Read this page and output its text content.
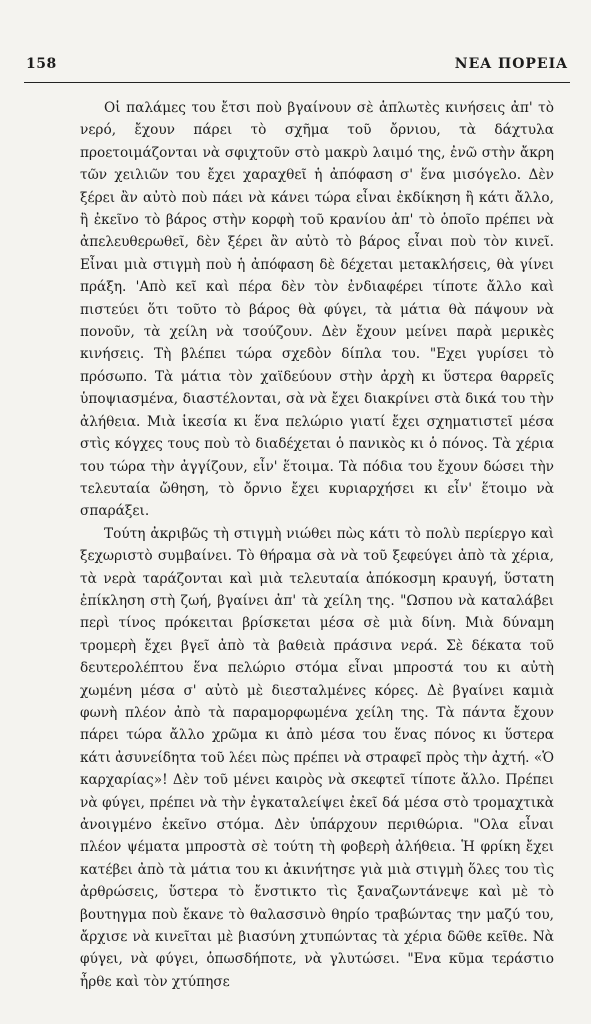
158	ΝΕΑ ΠΟΡΕΙΑ

Οἱ παλάμες του ἔτσι ποὺ βγαίνουν σὲ ἁπλωτὲς κινήσεις ἀπ' τὸ νερό, ἔχουν πάρει τὸ σχῆμα τοῦ ὄρνιου, τὰ δάχτυλα προετοιμάζονται νὰ σφιχτοῦν στὸ μακρὺ λαιμό της, ἐνῶ στὴν ἄκρη τῶν χειλιῶν του ἔχει χαραχθεῖ ἡ ἀπόφαση σ' ἕνα μισόγελο. Δὲν ξέρει ἂν αὐτὸ ποὺ πάει νὰ κάνει τώρα εἶναι ἐκδίκηση ἢ κάτι ἄλλο, ἢ ἐκεῖνο τὸ βάρος στὴν κορφὴ τοῦ κρανίου ἀπ' τὸ ὁποῖο πρέπει νὰ ἀπελευθερωθεῖ, δὲν ξέρει ἂν αὐτὸ τὸ βάρος εἶναι ποὺ τὸν κινεῖ. Εἶναι μιὰ στιγμὴ ποὺ ἡ ἀπόφαση δὲ δέχεται μετακλήσεις, θὰ γίνει πράξη. 'Απὸ κεῖ καὶ πέρα δὲν τὸν ἐνδιαφέρει τίποτε ἄλλο καὶ πιστεύει ὅτι τοῦτο τὸ βάρος θὰ φύγει, τὰ μάτια θὰ πάψουν νὰ πονοῦν, τὰ χείλη νὰ τσούζουν. Δὲν ἔχουν μείνει παρὰ μερικὲς κινήσεις. Τὴ βλέπει τώρα σχεδὸν δίπλα του. "Εχει γυρίσει τὸ πρόσωπο. Τὰ μάτια τὸν χαϊδεύουν στὴν ἀρχὴ κι ὕστερα θαρρεῖς ὑποψιασμένα, διαστέλονται, σὰ νὰ ἔχει διακρίνει στὰ δικά του τὴν ἀλήθεια. Μιὰ ἱκεσία κι ἕνα πελώριο γιατί ἔχει σχηματιστεῖ μέσα στὶς κόγχες τους ποὺ τὸ διαδέχεται ὁ πανικὸς κι ὁ πόνος. Τὰ χέρια του τώρα τὴν ἀγγίζουν, εἶν' ἕτοιμα. Τὰ πόδια του ἔχουν δώσει τὴν τελευταία ὤθηση, τὸ ὄρνιο ἔχει κυριαρχήσει κι εἶν' ἕτοιμο νὰ σπαράξει.

Τούτη ἀκριβῶς τὴ στιγμὴ νιώθει πὼς κάτι τὸ πολὺ περίεργο καὶ ξεχωριστὸ συμβαίνει. Τὸ θήραμα σὰ νὰ τοῦ ξεφεύγει ἀπὸ τὰ χέρια, τὰ νερὰ ταράζονται καὶ μιὰ τελευταία ἀπόκοσμη κραυγή, ὕστατη ἐπίκληση στὴ ζωή, βγαίνει ἀπ' τὰ χείλη της. "Ωσπου νὰ καταλάβει περὶ τίνος πρόκειται βρίσκεται μέσα σὲ μιὰ δίνη. Μιὰ δύναμη τρομερὴ ἔχει βγεῖ ἀπὸ τὰ βαθειὰ πράσινα νερά. Σὲ δέκατα τοῦ δευτερολέπτου ἕνα πελώριο στόμα εἶναι μπροστά του κι αὐτὴ χωμένη μέσα σ' αὐτὸ μὲ διεσταλμένες κόρες. Δὲ βγαίνει καμιὰ φωνὴ πλέον ἀπὸ τὰ παραμορφωμένα χείλη της. Τὰ πάντα ἔχουν πάρει τώρα ἄλλο χρῶμα κι ἀπὸ μέσα του ἕνας πόνος κι ὕστερα κάτι ἀσυνείδητα τοῦ λέει πὼς πρέπει νὰ στραφεῖ πρὸς τὴν ἀχτή. «Ὁ καρχαρίας»! Δὲν τοῦ μένει καιρὸς νὰ σκεφτεῖ τίποτε ἄλλο. Πρέπει νὰ φύγει, πρέπει νὰ τὴν ἐγκαταλείψει ἐκεῖ δά μέσα στὸ τρομαχτικὰ ἀνοιγμένο ἐκεῖνο στόμα. Δὲν ὑπάρχουν περιθώρια. "Ολα εἶναι πλέον ψέματα μπροστὰ σὲ τούτη τὴ φοβερὴ ἀλήθεια. Ἡ φρίκη ἔχει κατέβει ἀπὸ τὰ μάτια του κι ἀκινήτησε γιὰ μιὰ στιγμὴ ὅλες του τὶς ἀρθρώσεις, ὕστερα τὸ ἔνστικτο τὶς ξαναζωντάνεψε καὶ μὲ τὸ βουτηγμα ποὺ ἔκανε τὸ θαλασσινὸ θηρίο τραβώντας την μαζύ του, ἄρχισε νὰ κινεῖται μὲ βιασύνη χτυπώντας τὰ χέρια δῶθε κεῖθε. Νὰ φύγει, νὰ φύγει, ὁπωσδήποτε, νὰ γλυτώσει. "Ενα κῦμα τεράστιο ἦρθε καὶ τὸν χτύπησε
